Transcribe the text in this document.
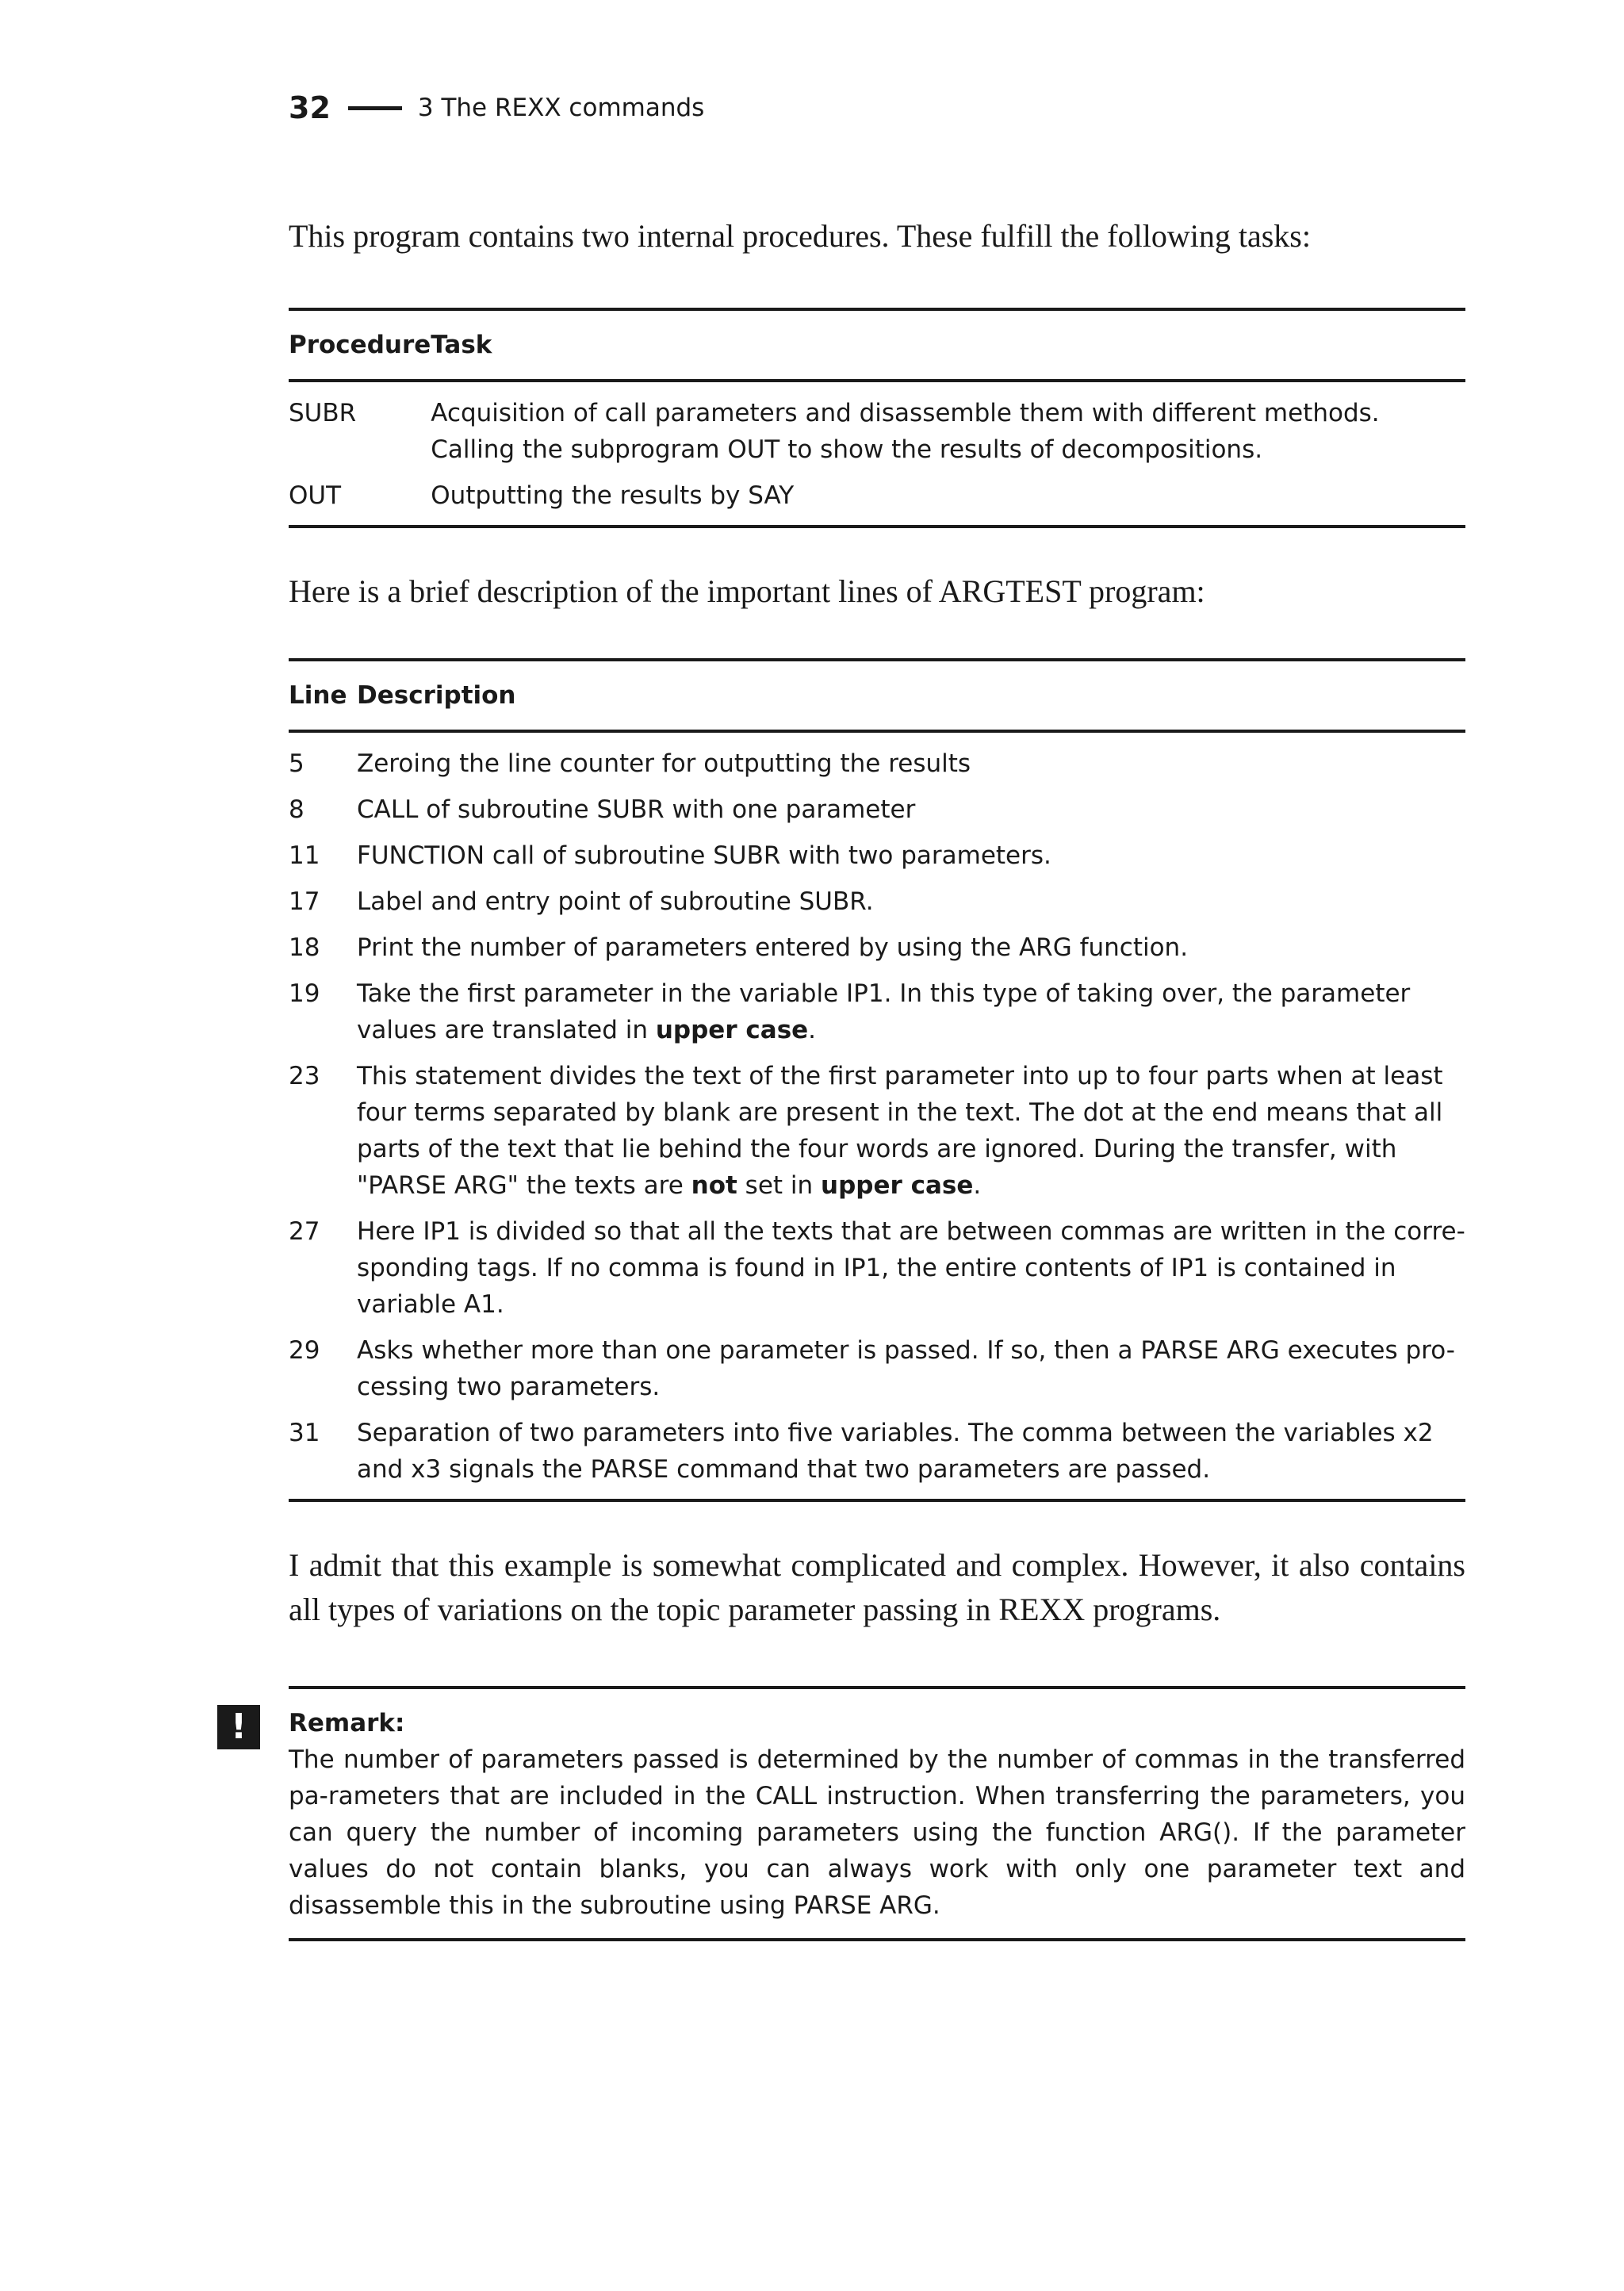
32	3 The REXX commands

This program contains two internal procedures. These fulfill the following tasks:

Procedure	Task
SUBR	Acquisition of call parameters and disassemble them with different methods. Calling the subprogram OUT to show the results of decompositions.
OUT	Outputting the results by SAY

Here is a brief description of the important lines of ARGTEST program:

Line	Description
5	Zeroing the line counter for outputting the results
8	CALL of subroutine SUBR with one parameter
11	FUNCTION call of subroutine SUBR with two parameters.
17	Label and entry point of subroutine SUBR.
18	Print the number of parameters entered by using the ARG function.
19	Take the first parameter in the variable IP1. In this type of taking over, the parameter values are translated in upper case.
23	This statement divides the text of the first parameter into up to four parts when at least four terms separated by blank are present in the text. The dot at the end means that all parts of the text that lie behind the four words are ignored. During the transfer, with "PARSE ARG" the texts are not set in upper case.
27	Here IP1 is divided so that all the texts that are between commas are written in the corre-sponding tags. If no comma is found in IP1, the entire contents of IP1 is contained in variable A1.
29	Asks whether more than one parameter is passed. If so, then a PARSE ARG executes pro-cessing two parameters.
31	Separation of two parameters into five variables. The comma between the variables x2 and x3 signals the PARSE command that two parameters are passed.

I admit that this example is somewhat complicated and complex. However, it also contains all types of variations on the topic parameter passing in REXX programs.

!	Remark:
The number of parameters passed is determined by the number of commas in the transferred pa-rameters that are included in the CALL instruction. When transferring the parameters, you can query the number of incoming parameters using the function ARG(). If the parameter values do not contain blanks, you can always work with only one parameter text and disassemble this in the subroutine using PARSE ARG.
